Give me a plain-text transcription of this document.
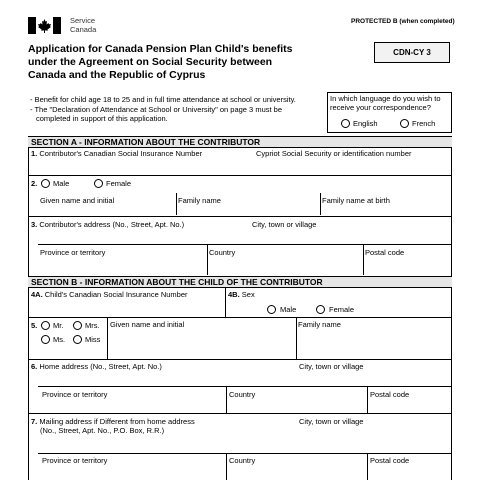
Service
Canada
PROTECTED B (when completed)
Application for Canada Pension Plan Child's benefits
under the Agreement on Social Security between
Canada and the Republic of Cyprus
CDN-CY 3
- Benefit for child age 18 to 25 and in full time attendance at school or university.
- The "Declaration of Attendance at School or University" on page 3 must be
completed in support of this application.
In which language do you wish to
receive your correspondence?
English	French
SECTION A - INFORMATION ABOUT THE CONTRIBUTOR
1. Contributor's Canadian Social Insurance Number	Cypriot Social Security or identification number
2. Male	Female
Given name and initial	Family name	Family name at birth
3. Contributor's address (No., Street, Apt. No.)	City, town or village
Province or territory	Country	Postal code
SECTION B - INFORMATION ABOUT THE CHILD OF THE CONTRIBUTOR
4A. Child's Canadian Social Insurance Number	4B. Sex
Male	Female
5. Mr.	Mrs.
Ms.	Miss
Given name and initial	Family name
6. Home address (No., Street, Apt. No.)	City, town or village
Province or territory	Country	Postal code
7. Mailing address if Different from home address
(No., Street, Apt. No., P.O. Box, R.R.)
City, town or village
Province or territory	Country	Postal code
